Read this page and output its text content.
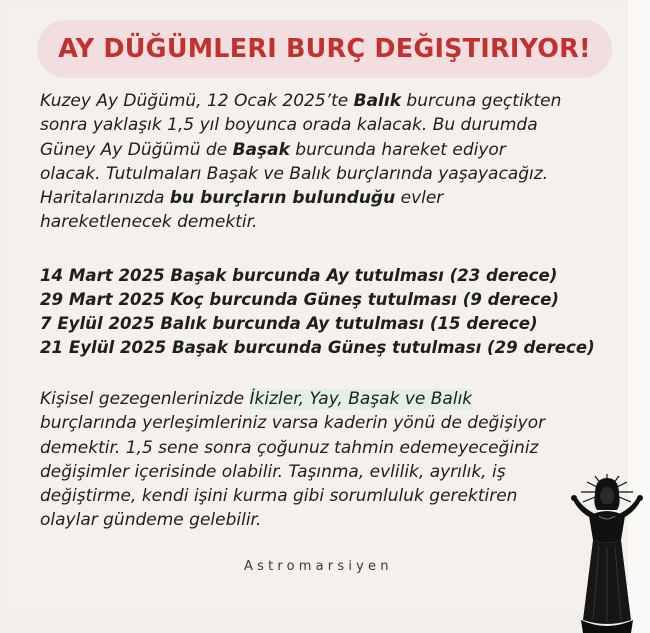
AY DÜĞÜMLERI BURÇ DEĞIŞTIRIYOR!
Kuzey Ay Düğümü, 12 Ocak 2025’te Balık burcuna geçtikten
sonra yaklaşık 1,5 yıl boyunca orada kalacak. Bu durumda
Güney Ay Düğümü de Başak burcunda hareket ediyor
olacak. Tutulmaları Başak ve Balık burçlarında yaşayacağız.
Haritalarınızda bu burçların bulunduğu evler
hareketlenecek demektir.
14 Mart 2025 Başak burcunda Ay tutulması (23 derece)
29 Mart 2025 Koç burcunda Güneş tutulması (9 derece)
7 Eylül 2025 Balık burcunda Ay tutulması (15 derece)
21 Eylül 2025 Başak burcunda Güneş tutulması (29 derece)
Kişisel gezegenlerinizde İkizler, Yay, Başak ve Balık
burçlarında yerleşimleriniz varsa kaderin yönü de değişiyor
demektir. 1,5 sene sonra çoğunuz tahmin edemeyeceğiniz
değişimler içerisinde olabilir. Taşınma, evlilik, ayrılık, iş
değiştirme, kendi işini kurma gibi sorumluluk gerektiren
olaylar gündeme gelebilir.
Astromarsiyen
